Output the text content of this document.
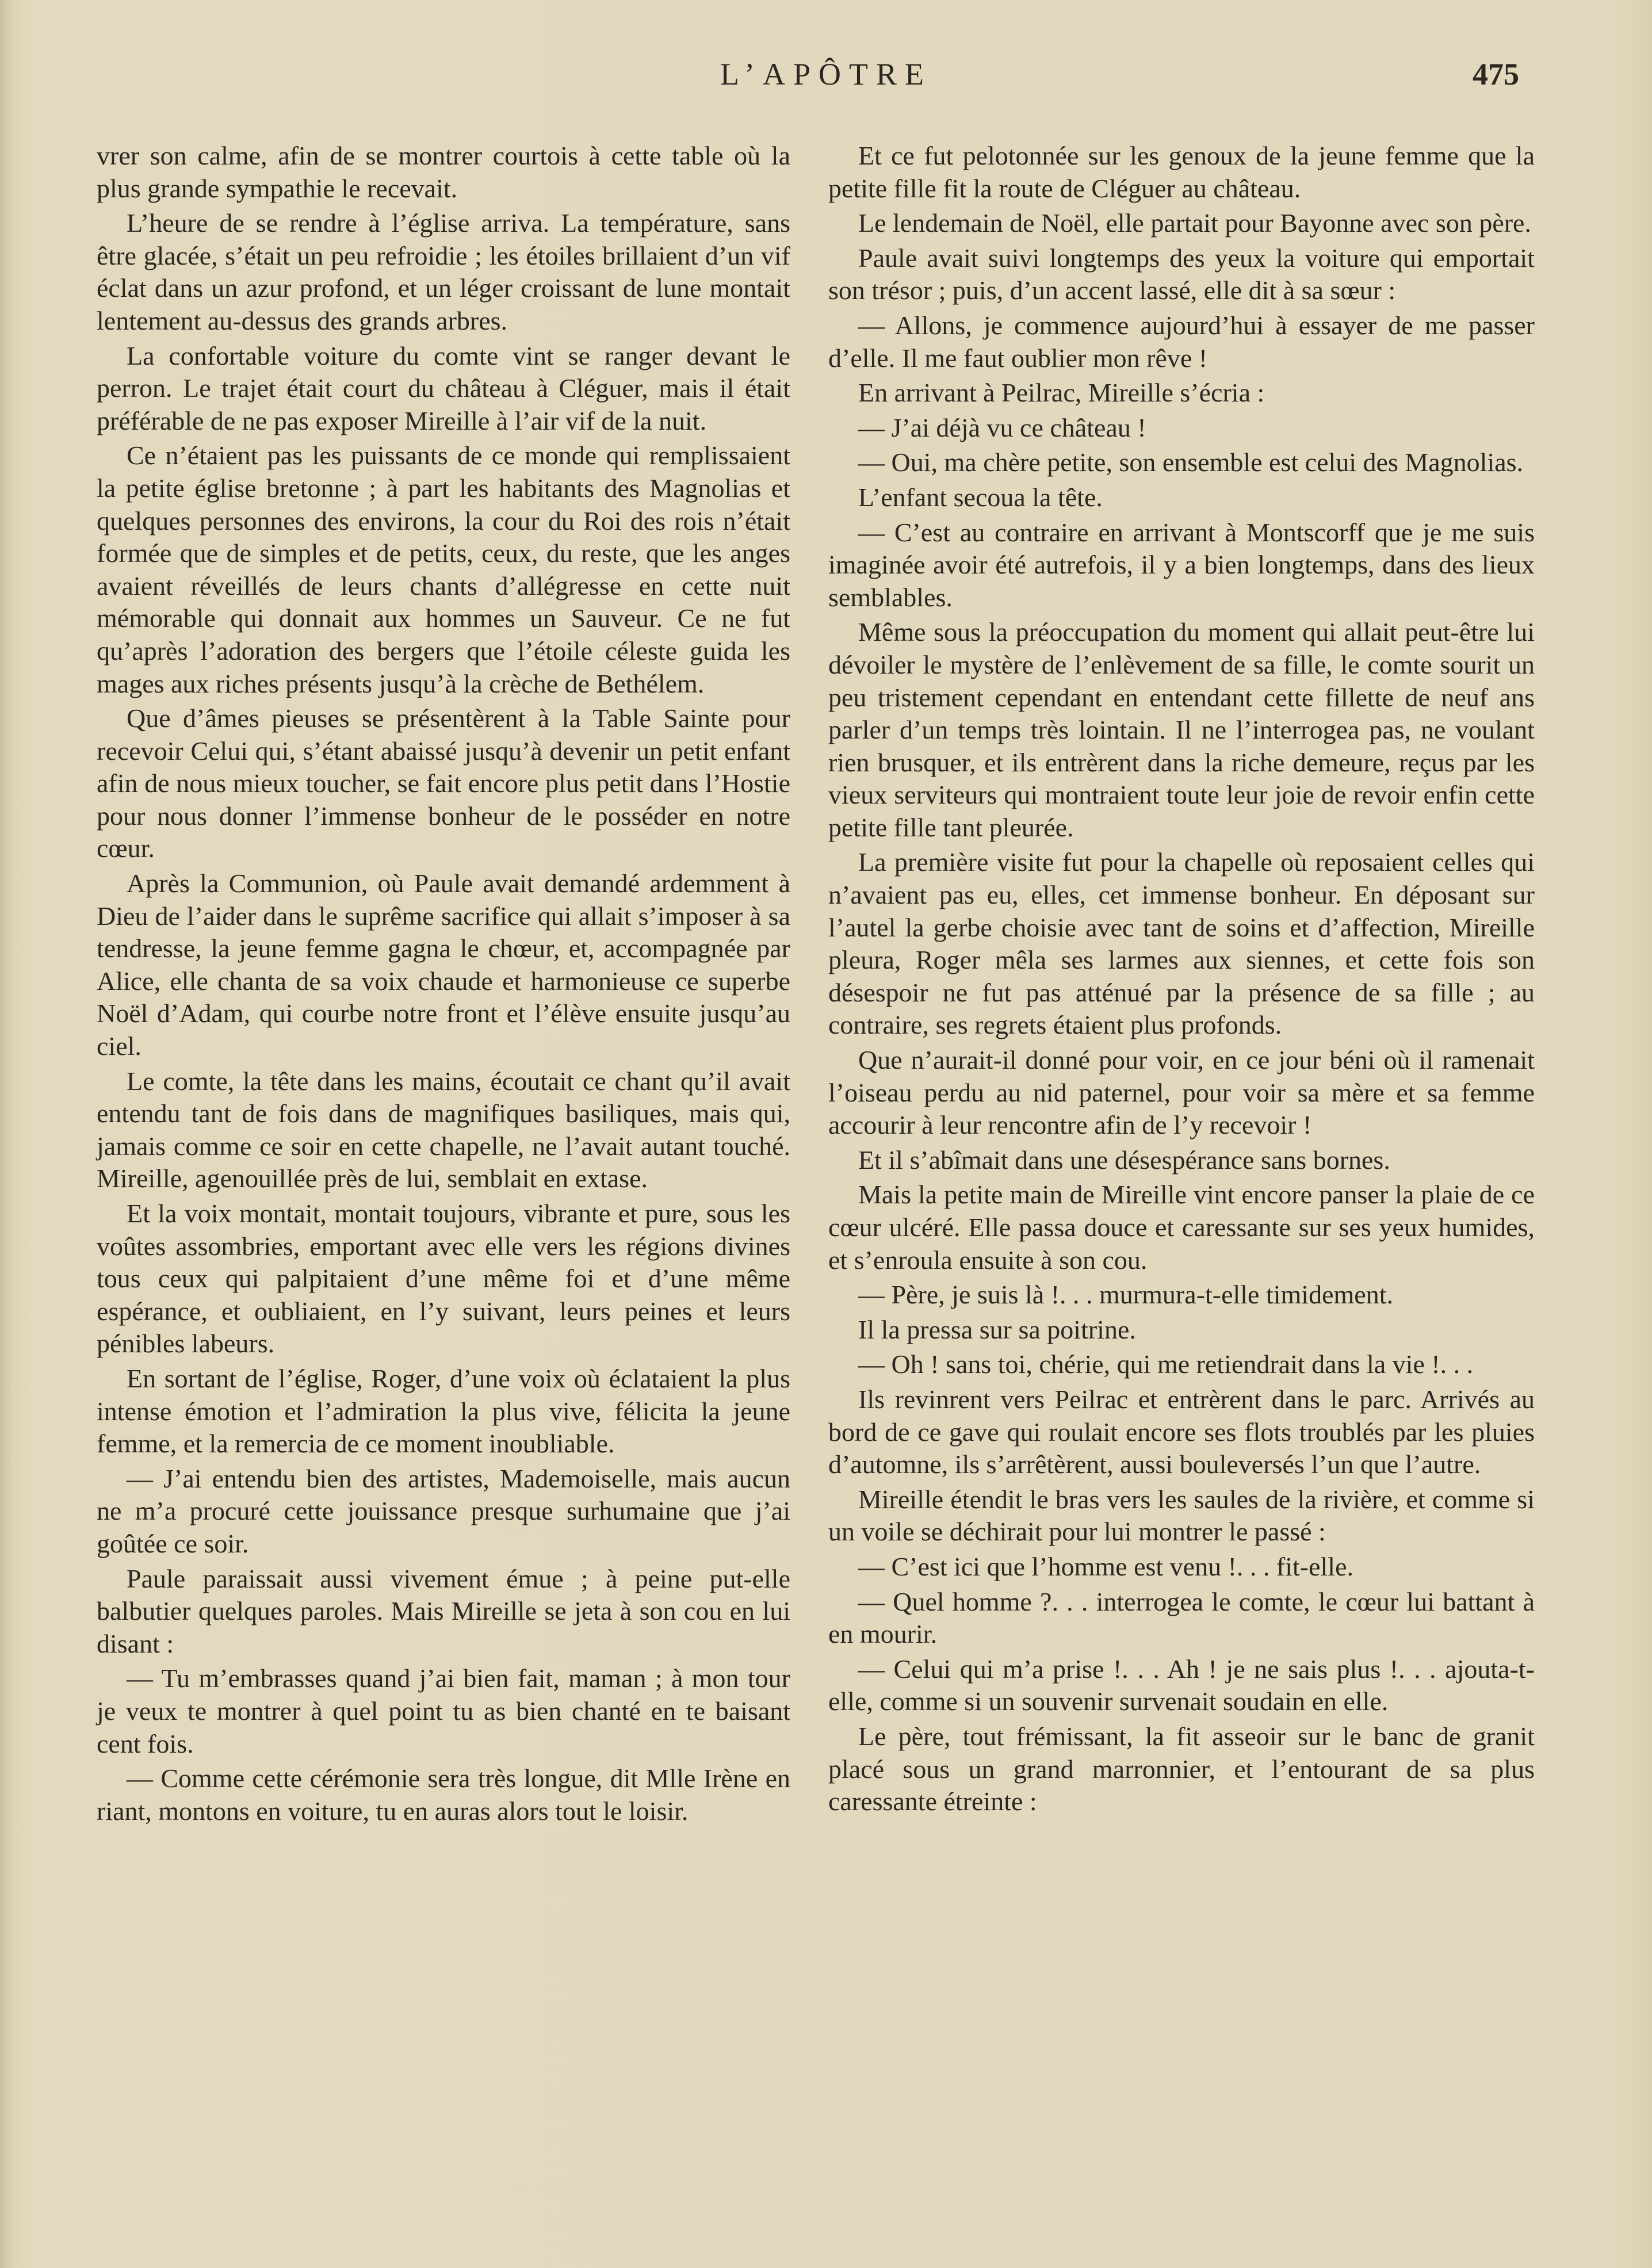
L’APÔTRE	475

vrer son calme, afin de se montrer courtois à cette table où la plus grande sympathie le recevait.

L’heure de se rendre à l’église arriva. La température, sans être glacée, s’était un peu refroidie ; les étoiles brillaient d’un vif éclat dans un azur profond, et un léger croissant de lune montait lentement au-dessus des grands arbres.

La confortable voiture du comte vint se ranger devant le perron. Le trajet était court du château à Cléguer, mais il était préférable de ne pas exposer Mireille à l’air vif de la nuit.

Ce n’étaient pas les puissants de ce monde qui remplissaient la petite église bretonne ; à part les habitants des Magnolias et quelques personnes des environs, la cour du Roi des rois n’était formée que de simples et de petits, ceux, du reste, que les anges avaient réveillés de leurs chants d’allégresse en cette nuit mémorable qui donnait aux hommes un Sauveur. Ce ne fut qu’après l’adoration des bergers que l’étoile céleste guida les mages aux riches présents jusqu’à la crèche de Bethélem.

Que d’âmes pieuses se présentèrent à la Table Sainte pour recevoir Celui qui, s’étant abaissé jusqu’à devenir un petit enfant afin de nous mieux toucher, se fait encore plus petit dans l’Hostie pour nous donner l’immense bonheur de le posséder en notre cœur.

Après la Communion, où Paule avait demandé ardemment à Dieu de l’aider dans le suprême sacrifice qui allait s’imposer à sa tendresse, la jeune femme gagna le chœur, et, accompagnée par Alice, elle chanta de sa voix chaude et harmonieuse ce superbe Noël d’Adam, qui courbe notre front et l’élève ensuite jusqu’au ciel.

Le comte, la tête dans les mains, écoutait ce chant qu’il avait entendu tant de fois dans de magnifiques basiliques, mais qui, jamais comme ce soir en cette chapelle, ne l’avait autant touché. Mireille, agenouillée près de lui, semblait en extase.

Et la voix montait, montait toujours, vibrante et pure, sous les voûtes assombries, emportant avec elle vers les régions divines tous ceux qui palpitaient d’une même foi et d’une même espérance, et oubliaient, en l’y suivant, leurs peines et leurs pénibles labeurs.

En sortant de l’église, Roger, d’une voix où éclataient la plus intense émotion et l’admiration la plus vive, félicita la jeune femme, et la remercia de ce moment inoubliable.

— J’ai entendu bien des artistes, Mademoiselle, mais aucun ne m’a procuré cette jouissance presque surhumaine que j’ai goûtée ce soir.

Paule paraissait aussi vivement émue ; à peine put-elle balbutier quelques paroles. Mais Mireille se jeta à son cou en lui disant :

— Tu m’embrasses quand j’ai bien fait, maman ; à mon tour je veux te montrer à quel point tu as bien chanté en te baisant cent fois.

— Comme cette cérémonie sera très longue, dit Mlle Irène en riant, montons en voiture, tu en auras alors tout le loisir.

Et ce fut pelotonnée sur les genoux de la jeune femme que la petite fille fit la route de Cléguer au château.

Le lendemain de Noël, elle partait pour Bayonne avec son père.

Paule avait suivi longtemps des yeux la voiture qui emportait son trésor ; puis, d’un accent lassé, elle dit à sa sœur :

— Allons, je commence aujourd’hui à essayer de me passer d’elle. Il me faut oublier mon rêve !

En arrivant à Peilrac, Mireille s’écria :

— J’ai déjà vu ce château !

— Oui, ma chère petite, son ensemble est celui des Magnolias.

L’enfant secoua la tête.

— C’est au contraire en arrivant à Montscorff que je me suis imaginée avoir été autrefois, il y a bien longtemps, dans des lieux semblables.

Même sous la préoccupation du moment qui allait peut-être lui dévoiler le mystère de l’enlèvement de sa fille, le comte sourit un peu tristement cependant en entendant cette fillette de neuf ans parler d’un temps très lointain. Il ne l’interrogea pas, ne voulant rien brusquer, et ils entrèrent dans la riche demeure, reçus par les vieux serviteurs qui montraient toute leur joie de revoir enfin cette petite fille tant pleurée.

La première visite fut pour la chapelle où reposaient celles qui n’avaient pas eu, elles, cet immense bonheur. En déposant sur l’autel la gerbe choisie avec tant de soins et d’affection, Mireille pleura, Roger mêla ses larmes aux siennes, et cette fois son désespoir ne fut pas atténué par la présence de sa fille ; au contraire, ses regrets étaient plus profonds.

Que n’aurait-il donné pour voir, en ce jour béni où il ramenait l’oiseau perdu au nid paternel, pour voir sa mère et sa femme accourir à leur rencontre afin de l’y recevoir !

Et il s’abîmait dans une désespérance sans bornes.

Mais la petite main de Mireille vint encore panser la plaie de ce cœur ulcéré. Elle passa douce et caressante sur ses yeux humides, et s’enroula ensuite à son cou.

— Père, je suis là !. . . murmura-t-elle timidement.

Il la pressa sur sa poitrine.

— Oh ! sans toi, chérie, qui me retiendrait dans la vie !. . .

Ils revinrent vers Peilrac et entrèrent dans le parc. Arrivés au bord de ce gave qui roulait encore ses flots troublés par les pluies d’automne, ils s’arrêtèrent, aussi bouleversés l’un que l’autre.

Mireille étendit le bras vers les saules de la rivière, et comme si un voile se déchirait pour lui montrer le passé :

— C’est ici que l’homme est venu !. . . fit-elle.

— Quel homme ?. . . interrogea le comte, le cœur lui battant à en mourir.

— Celui qui m’a prise !. . . Ah ! je ne sais plus !. . . ajouta-t-elle, comme si un souvenir survenait soudain en elle.

Le père, tout frémissant, la fit asseoir sur le banc de granit placé sous un grand marronnier, et l’entourant de sa plus caressante étreinte :
